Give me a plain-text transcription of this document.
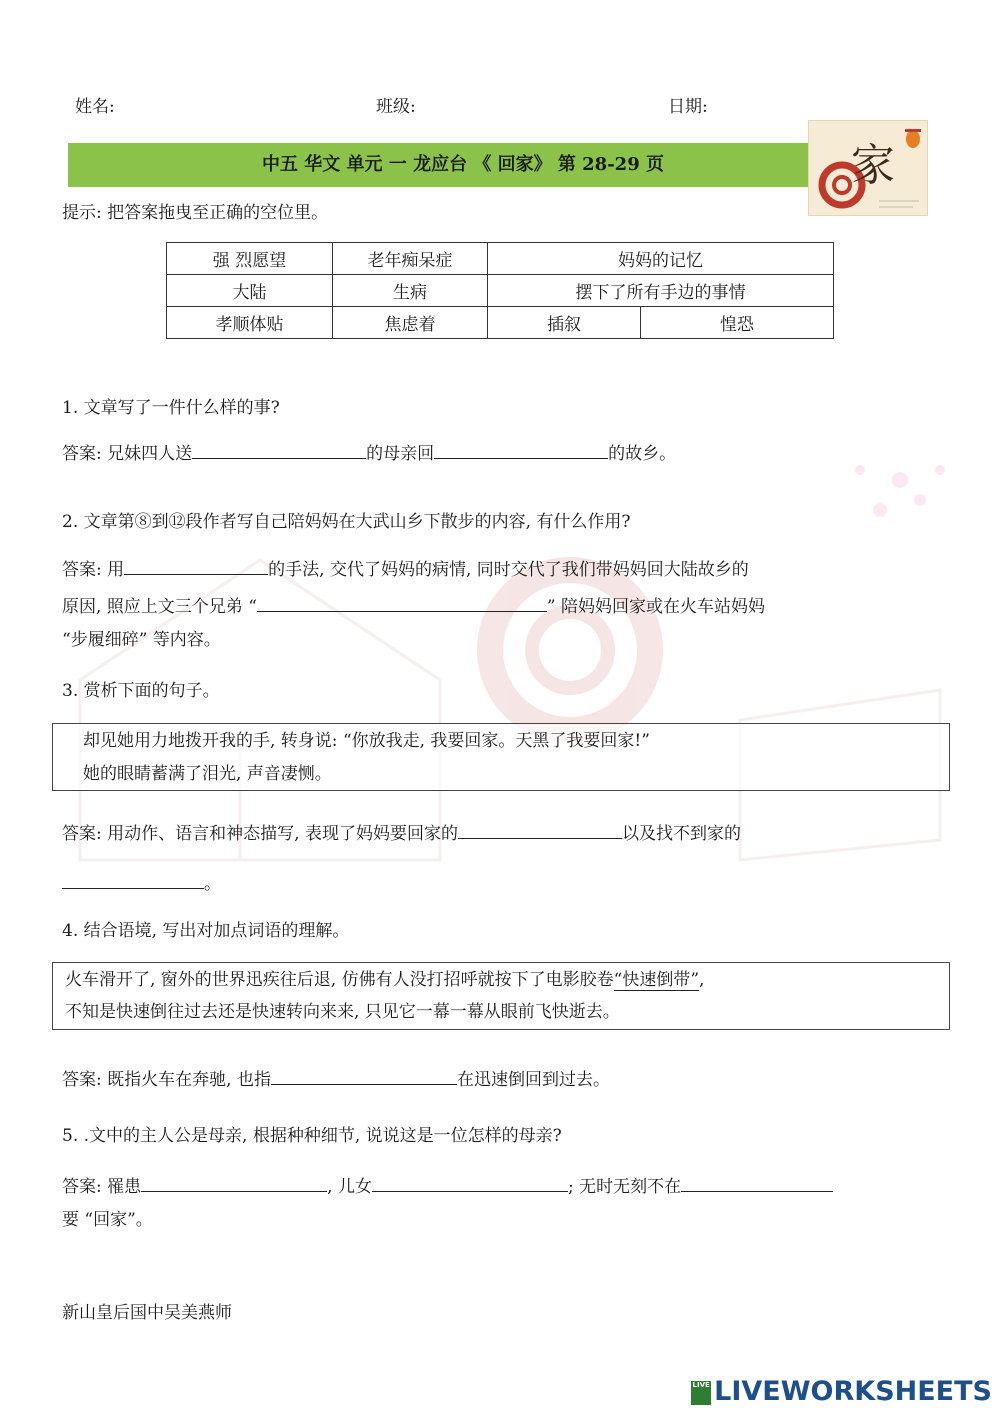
姓名:	班级:	日期:
中五 华文 单元 一 龙应台 《 回家》 第 28-29 页	家
提示: 把答案拖曳至正确的空位里。
强 烈愿望	老年痴呆症	妈妈的记忆	
大陆	生病	摆下了所有手边的事情	
孝顺体贴	焦虑着	插叙	惶恐
1. 文章写了一件什么样的事?
答案: 兄妹四人送	的母亲回	的故乡。
2. 文章第⑧到⑫段作者写自己陪妈妈在大武山乡下散步的内容, 有什么作用?
答案: 用	的手法, 交代了妈妈的病情, 同时交代了我们带妈妈回大陆故乡的
原因, 照应上文三个兄弟 “	” 陪妈妈回家或在火车站妈妈
“步履细碎” 等内容。
3. 赏析下面的句子。
却见她用力地拨开我的手, 转身说: “你放我走, 我要回家。天黑了我要回家!”
她的眼睛蓄满了泪光, 声音凄恻。
答案: 用动作、语言和神态描写, 表现了妈妈要回家的	以及找不到家的
。
4. 结合语境, 写出对加点词语的理解。
火车滑开了, 窗外的世界迅疾往后退, 仿佛有人没打招呼就按下了电影胶卷“快速倒带”,
不知是快速倒往过去还是快速转向来来, 只见它一幕一幕从眼前飞快逝去。
答案: 既指火车在奔驰, 也指	在迅速倒回到过去。
5. .文中的主人公是母亲, 根据种种细节, 说说这是一位怎样的母亲?
答案: 罹患	, 儿女	; 无时无刻不在
要 “回家”。
新山皇后国中吴美燕师
LIVE LIVEWORKSHEETS
